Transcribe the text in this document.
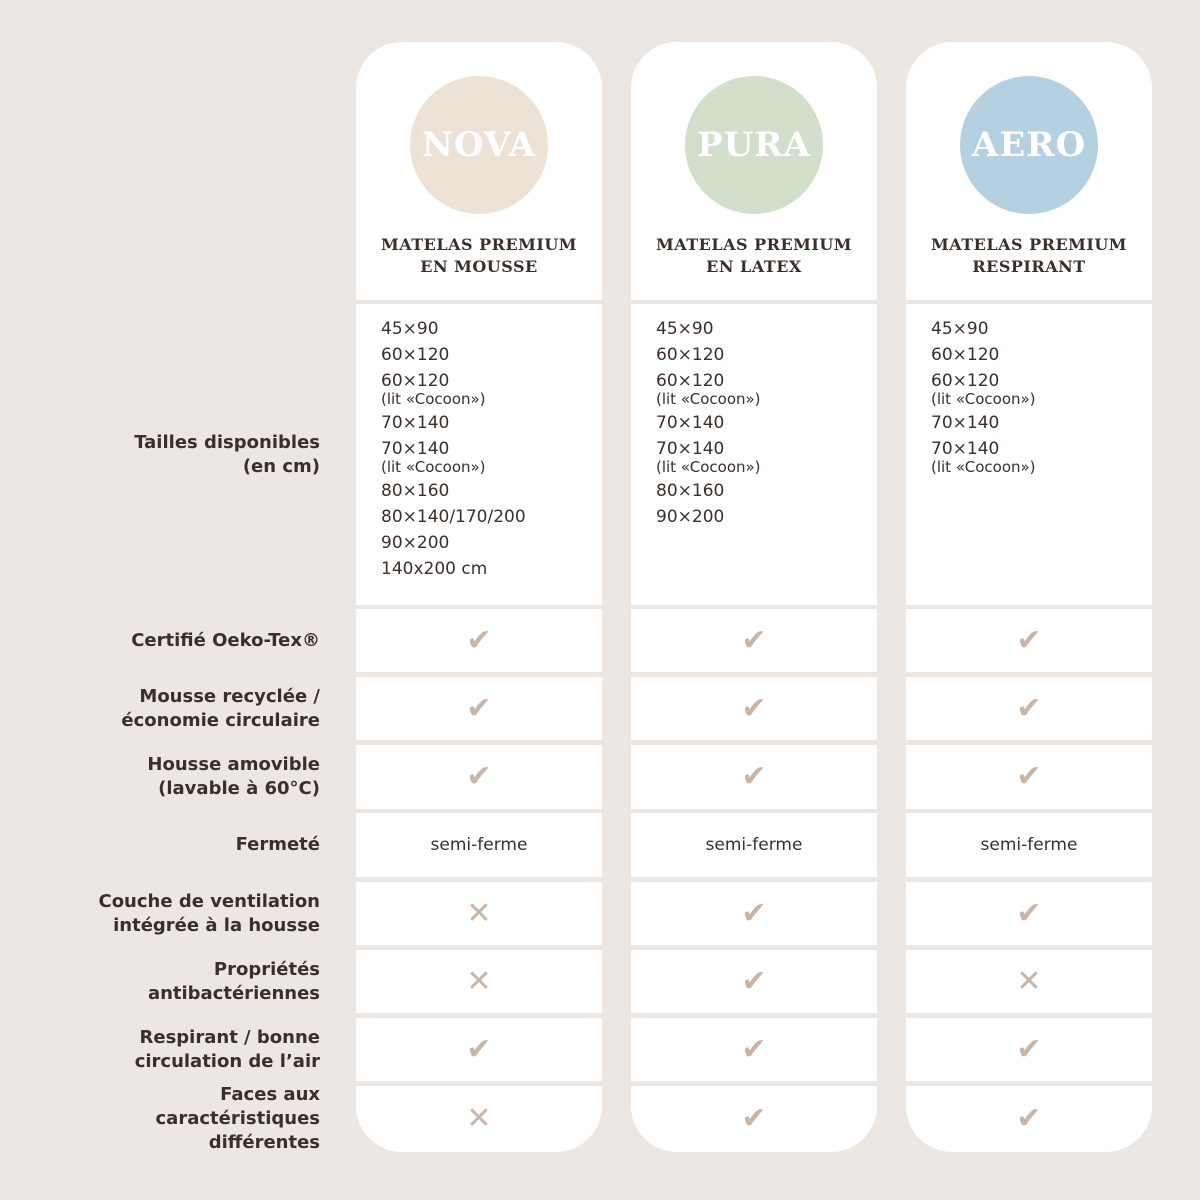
Tailles disponibles
(en cm)
Certifié Oeko-Tex®
Mousse recyclée /
économie circulaire
Housse amovible
(lavable à 60°C)
Fermeté
Couche de ventilation
intégrée à la housse
Propriétés
antibactériennes
Respirant / bonne
circulation de l’air
Faces aux
caractéristiques
différentes
NOVA
MATELAS PREMIUM
EN MOUSSE
45×90
60×120
60×120
(lit «Cocoon»)
70×140
70×140
(lit «Cocoon»)
80×160
80×140/170/200
90×200
140x200 cm
✔
✔
✔
semi-ferme
✕
✕
✔
✕
PURA
MATELAS PREMIUM
EN LATEX
45×90
60×120
60×120
(lit «Cocoon»)
70×140
70×140
(lit «Cocoon»)
80×160
90×200
✔
✔
✔
semi-ferme
✔
✔
✔
✔
AERO
MATELAS PREMIUM
RESPIRANT
45×90
60×120
60×120
(lit «Cocoon»)
70×140
70×140
(lit «Cocoon»)
✔
✔
✔
semi-ferme
✔
✕
✔
✔
